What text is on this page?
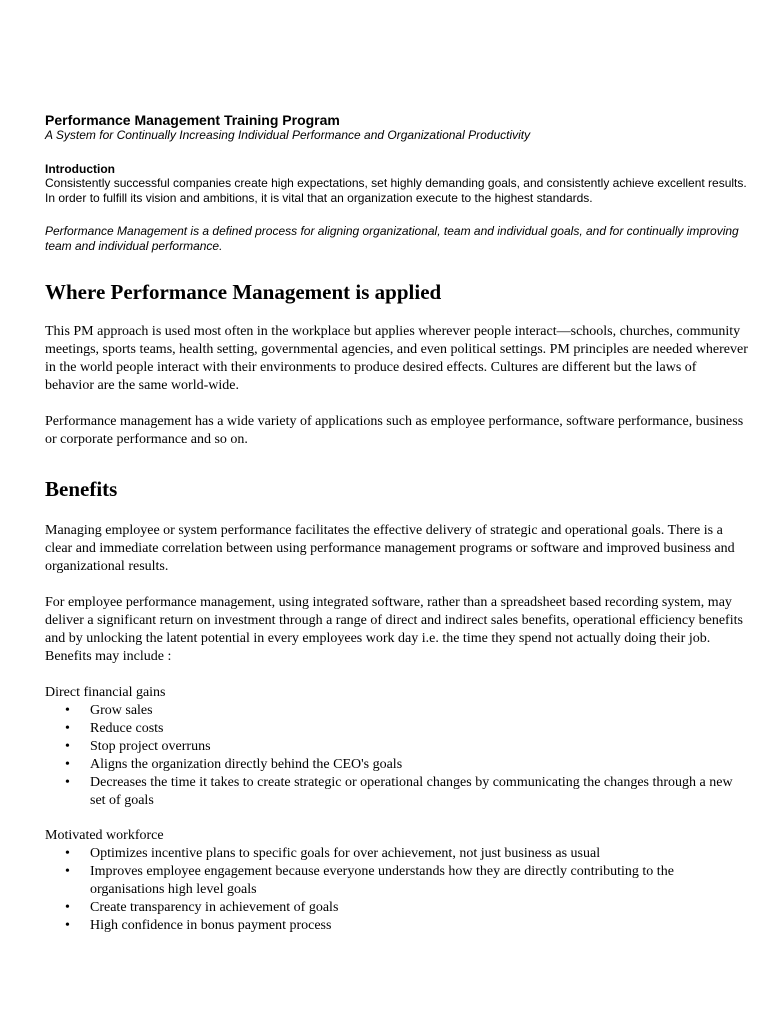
Performance Management Training Program

A System for Continually Increasing Individual Performance and Organizational Productivity

Introduction

Consistently successful companies create high expectations, set highly demanding goals, and consistently achieve excellent results. In order to fulfill its vision and ambitions, it is vital that an organization execute to the highest standards.

Performance Management is a defined process for aligning organizational, team and individual goals, and for continually improving team and individual performance.

Where Performance Management is applied

This PM approach is used most often in the workplace but applies wherever people interact—schools, churches, community meetings, sports teams, health setting, governmental agencies, and even political settings. PM principles are needed wherever in the world people interact with their environments to produce desired effects. Cultures are different but the laws of behavior are the same world-wide.

Performance management has a wide variety of applications such as employee performance, software performance, business or corporate performance and so on.

Benefits

Managing employee or system performance facilitates the effective delivery of strategic and operational goals. There is a clear and immediate correlation between using performance management programs or software and improved business and organizational results.

For employee performance management, using integrated software, rather than a spreadsheet based recording system, may deliver a significant return on investment through a range of direct and indirect sales benefits, operational efficiency benefits and by unlocking the latent potential in every employees work day i.e. the time they spend not actually doing their job. Benefits may include :

Direct financial gains

• Grow sales
• Reduce costs
• Stop project overruns
• Aligns the organization directly behind the CEO's goals
• Decreases the time it takes to create strategic or operational changes by communicating the changes through a new set of goals

Motivated workforce

• Optimizes incentive plans to specific goals for over achievement, not just business as usual
• Improves employee engagement because everyone understands how they are directly contributing to the organisations high level goals
• Create transparency in achievement of goals
• High confidence in bonus payment process
